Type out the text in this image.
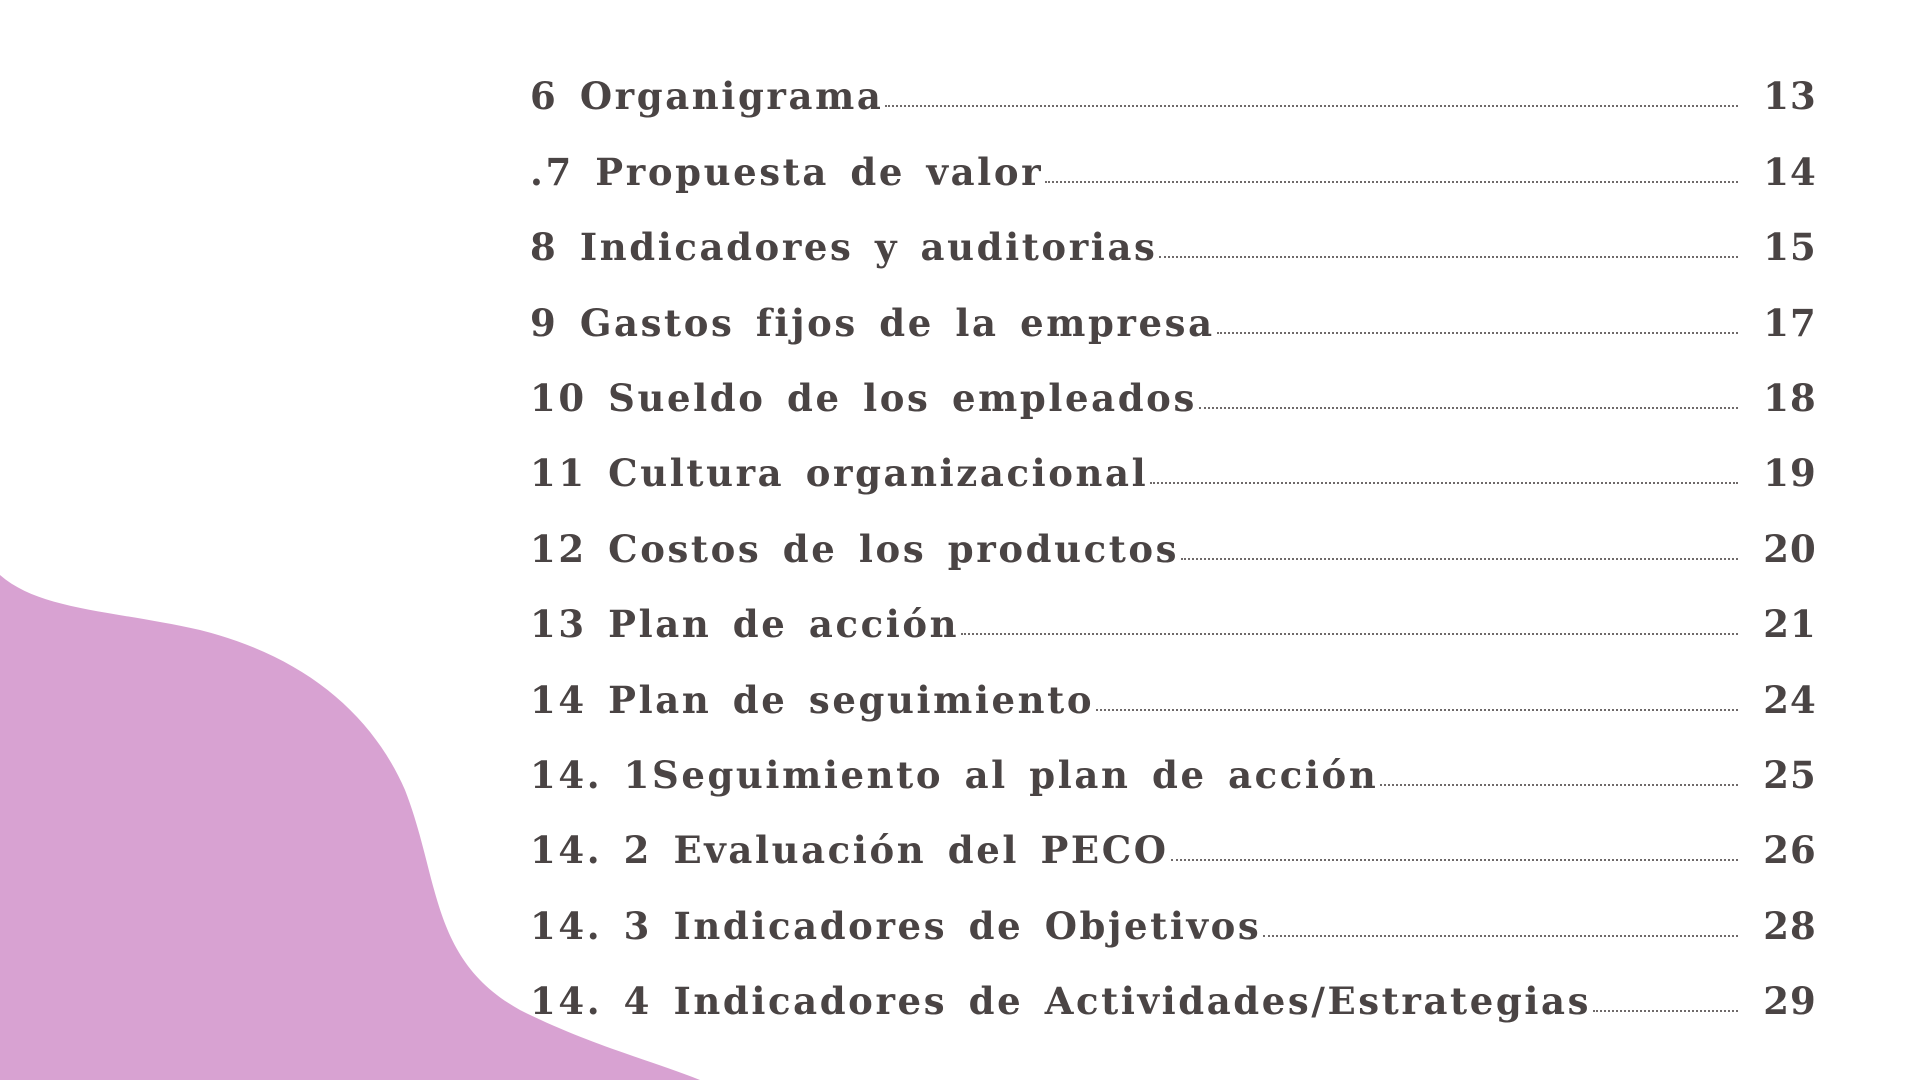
6 Organigrama	13
.7 Propuesta de valor	14
8 Indicadores y auditorias	15
9 Gastos fijos de la empresa	17
10 Sueldo de los empleados	18
11 Cultura organizacional	19
12 Costos de los productos	20
13 Plan de acción	21
14 Plan de seguimiento	24
14. 1Seguimiento al plan de acción	25
14. 2 Evaluación del PECO	26
14. 3 Indicadores de Objetivos	28
14. 4 Indicadores de Actividades/Estrategias	29
